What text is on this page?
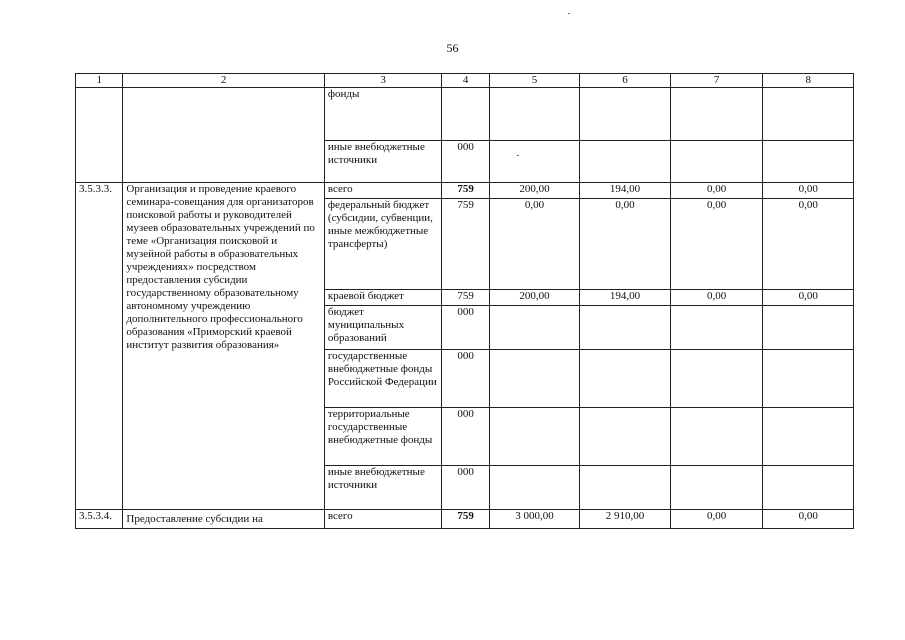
56
1	2	3	4	5	6	7	8
		фонды					
		иные внебюджетные источники	000				
3.5.3.3.	Организация и проведение краевого семинара-совещания для организаторов поисковой работы и руководителей музеев образовательных учреждений по теме «Организация поисковой и музейной работы в образовательных учреждениях» посредством предоставления субсидии государственному образовательному автономному учреждению дополнительного профессионального образования «Приморский краевой институт развития образования»	всего	759	200,00	194,00	0,00	0,00
		федеральный бюджет (субсидии, субвенции, иные межбюджетные трансферты)	759	0,00	0,00	0,00	0,00
		краевой бюджет	759	200,00	194,00	0,00	0,00
		бюджет муниципальных образований	000				
		государственные внебюджетные фонды Российской Федерации	000				
		территориальные государственные внебюджетные фонды	000				
		иные внебюджетные источники	000				
3.5.3.4.	Предоставление субсидии на	всего	759	3 000,00	2 910,00	0,00	0,00
